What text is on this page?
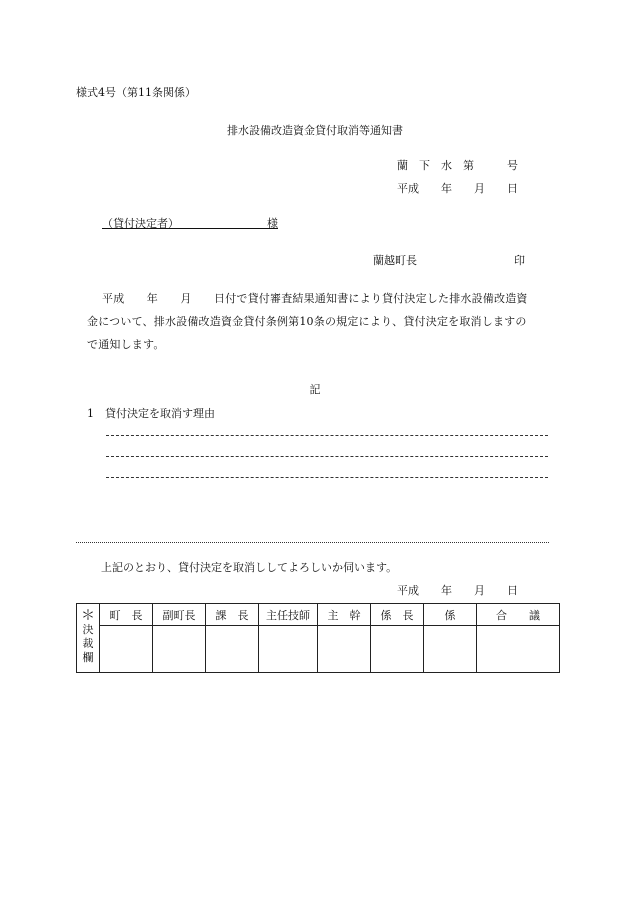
様式4号（第11条関係）
排水設備改造資金貸付取消等通知書
蘭　下　水　第　　　号
平成　　年　　月　　日
（貸付決定者）＿＿＿＿＿＿＿＿様
蘭越町長	印
平成　　年　　月　　日付で貸付審査結果通知書により貸付決定した排水設備改造資
金について、排水設備改造資金貸付条例第10条の規定により、貸付決定を取消しますの
で通知します。
記
1　貸付決定を取消す理由
上記のとおり、貸付決定を取消ししてよろしいか伺います。
平成　　年　　月　　日
＊
決
裁
欄	町　長	副町長	課　長	主任技師	主　幹	係　長	係	合　　議
